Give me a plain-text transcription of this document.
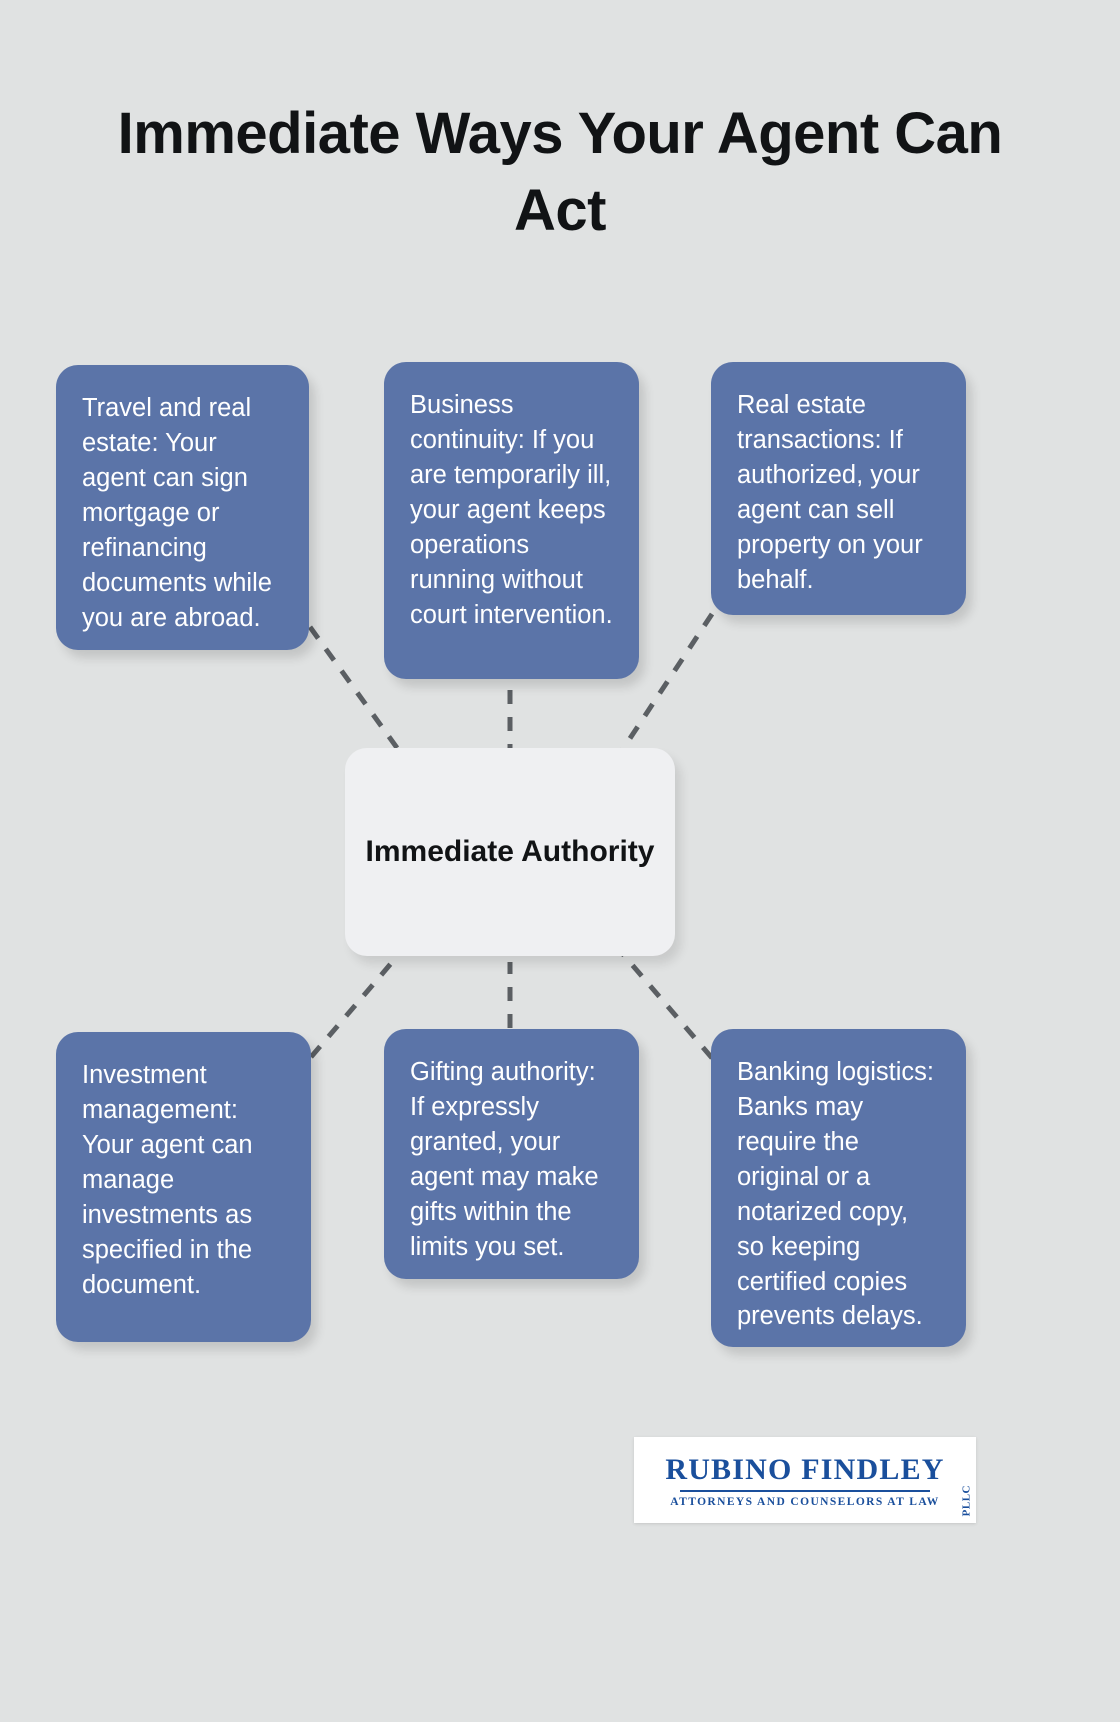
Immediate Ways Your Agent Can Act
Travel and real estate: Your agent can sign mortgage or refinancing documents while you are abroad.
Business continuity: If you are temporarily ill, your agent keeps operations running without court intervention.
Real estate transactions: If authorized, your agent can sell property on your behalf.
Immediate Authority
Investment management: Your agent can manage investments as specified in the document.
Gifting authority: If expressly granted, your agent may make gifts within the limits you set.
Banking logistics: Banks may require the original or a notarized copy, so keeping certified copies prevents delays.
RUBINO FINDLEY
PLLC
ATTORNEYS AND COUNSELORS AT LAW
